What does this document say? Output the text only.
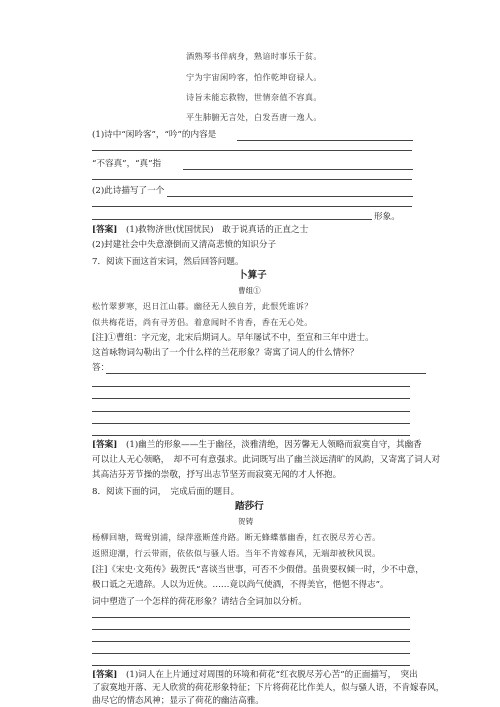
酒熟琴书伴病身，熟谙时事乐于贫。
宁为宇宙闲吟客，怕作乾坤窃禄人。
诗旨未能忘救物，世情奈值不容真。
平生肺腑无言处，白发吾唐一逸人。
(1)诗中“闲吟客”，“吟”的内容是
“不容真”，“真”指
(2)此诗描写了一个
形象。
[答案] (1)救物济世(忧国忧民)　敢于说真话的正直之士
(2)封建社会中失意潦倒而又清高悲愤的知识分子
7．阅读下面这首宋词，然后回答问题。
卜算子
曹组①
松竹翠萝寒，迟日江山暮。幽径无人独自芳，此恨凭谁诉？
似共梅花语，尚有寻芳侣。着意闻时不肯香，香在无心处。
[注]①曹组：字元宠，北宋后期词人。早年屡试不中，至宣和三年中进士。
这首咏物词勾勒出了一个什么样的兰花形象？寄寓了词人的什么情怀？
答：
[答案] (1)幽兰的形象——生于幽径，淡雅清绝，因芳馨无人领略而寂寞自守，其幽香
可以让人无心领略，　却不可有意强求。此词既写出了幽兰淡远清旷的风韵，又寄寓了词人对
其高洁芬芳节操的崇敬，抒写出志节坚芳而寂寞无闻的才人怀抱。
8．阅读下面的词，　完成后面的题目。
踏莎行
贺铸
杨柳回塘，鸳鸯别浦，绿萍涨断莲舟路。断无蜂蝶慕幽香，红衣脱尽芳心苦。
返照迎潮，行云带雨，依依似与骚人语。当年不肯嫁春风，无端却被秋风误。
[注]《宋史·文苑传》载贺氏“喜谈当世事，可否不少假借。虽贵要权倾一时，少不中意，
极口诋之无遗辞。人以为近侠。……竟以尚气使酒，不得美官，悒悒不得志”。
词中塑造了一个怎样的荷花形象？请结合全词加以分析。
[答案] (1)词人在上片通过对周围的环境和荷花“红衣脱尽芳心苦”的正面描写，　突出
了寂寞地开落、无人欣赏的荷花形象特征；下片将荷花比作美人，似与骚人语，不肯嫁春风，
曲尽它的情态风神；显示了荷花的幽洁高雅。
